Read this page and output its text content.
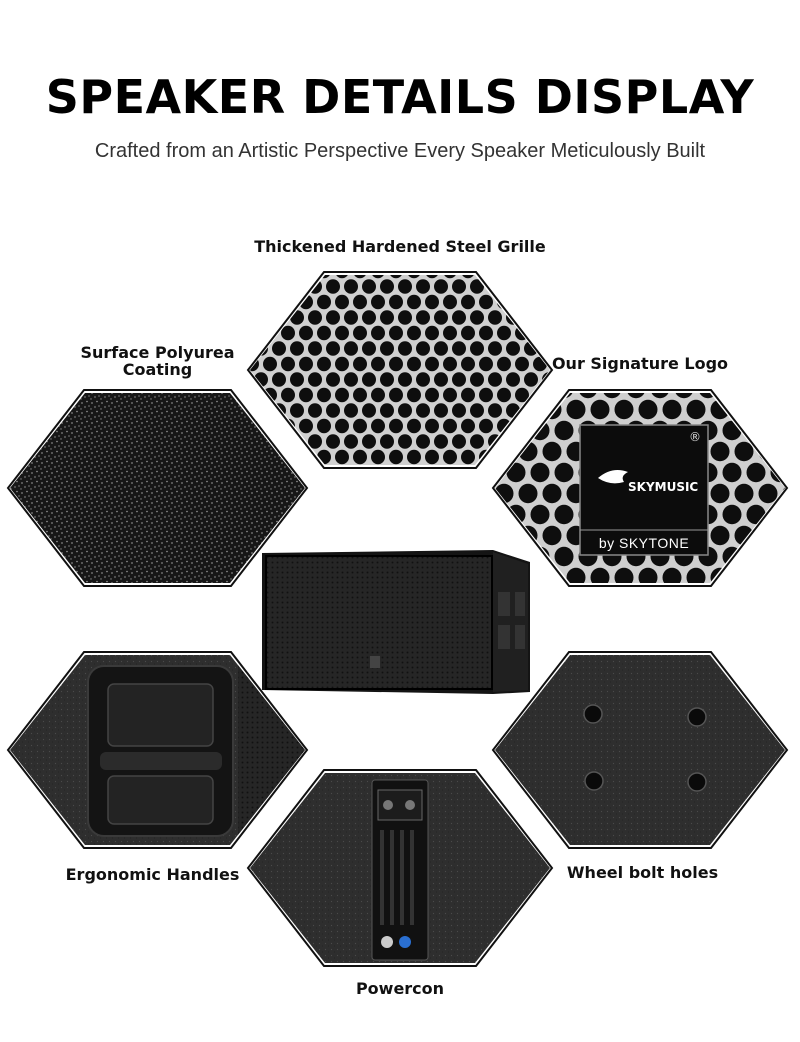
SPEAKER DETAILS DISPLAY
Crafted from an Artistic Perspective Every Speaker Meticulously Built
®
SKYMUSIC
by SKYTONE
Thickened Hardened Steel Grille
Surface Polyurea
Coating	Our Signature Logo
Ergonomic Handles	Wheel bolt holes
Powercon
